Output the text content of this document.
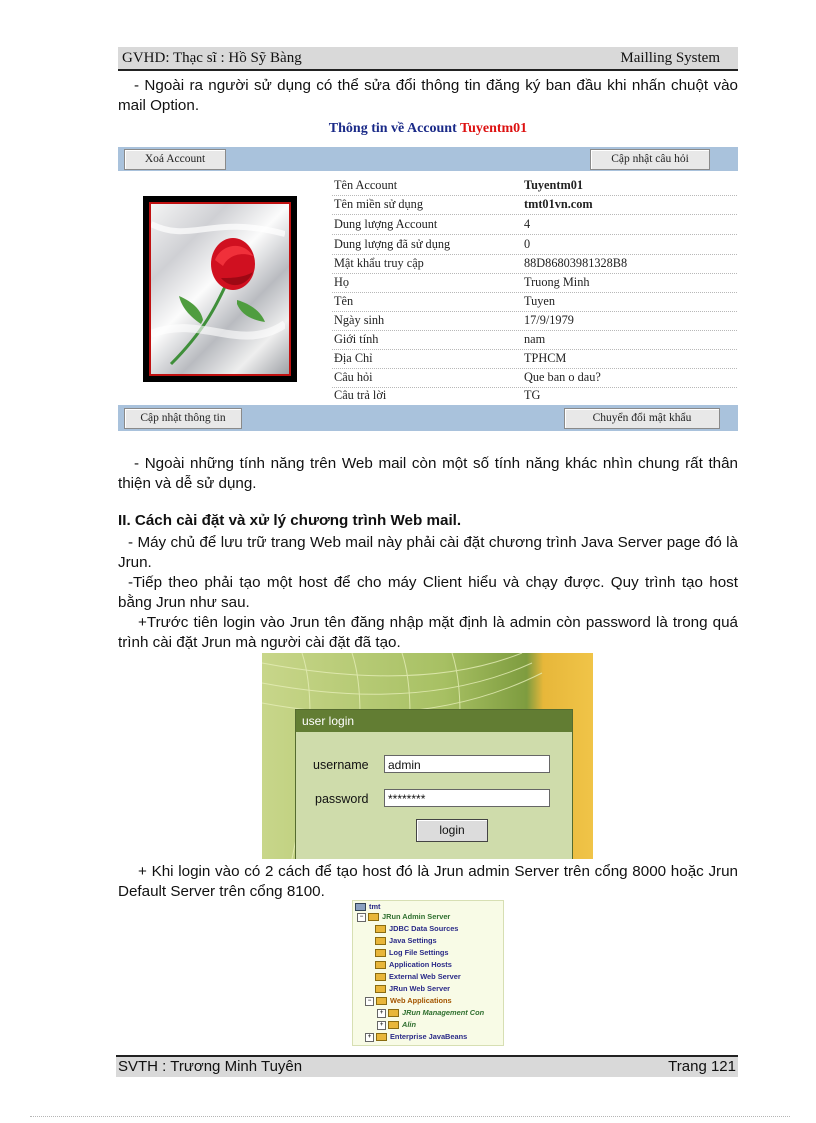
GVHD: Thạc sĩ : Hồ Sỹ Bàng	Mailling System
- Ngoài ra người sử dụng có thể sửa đổi thông tin đăng ký ban đầu khi nhấn chuột vào mail Option.
Thông tin về Account Tuyentm01
Xoá Account	Cập nhật câu hỏi
Tên Account	Tuyentm01
Tên miền sử dụng	tmt01vn.com
Dung lượng Account	4
Dung lượng đã sử dụng	0
Mật khẩu truy cập	88D86803981328B8
Họ	Truong Minh
Tên	Tuyen
Ngày sinh	17/9/1979
Giới tính	nam
Địa Chỉ	TPHCM
Câu hỏi	Que ban o dau?
Câu trả lời	TG
Cập nhật thông tin	Chuyển đổi mật khẩu
- Ngoài những tính năng trên Web mail còn một số tính năng khác nhìn chung rất thân thiện và dễ sử dụng.
II. Cách cài đặt và xử lý chương trình Web mail.
- Máy chủ để lưu trữ trang Web mail này phải cài đặt chương trình Java Server page đó là Jrun.
-Tiếp theo phải tạo một host để cho máy Client hiểu và chạy được. Quy trình tạo host bằng Jrun như sau.
+Trước tiên login vào Jrun tên đăng nhập mặt định là admin còn password là trong quá trình cài đặt Jrun mà người cài đặt đã tạo.
user login
username	admin
password	********
login
+ Khi login vào có 2 cách để tạo host đó là Jrun admin Server trên cổng 8000 hoặc Jrun Default Server trên cổng 8100.
tmt
−	JRun Admin Server
JDBC Data Sources
Java Settings
Log File Settings
Application Hosts
External Web Server
JRun Web Server
−	Web Applications
+	JRun Management Con
+	Alin
+	Enterprise JavaBeans
SVTH : Trương Minh Tuyên	Trang 121
